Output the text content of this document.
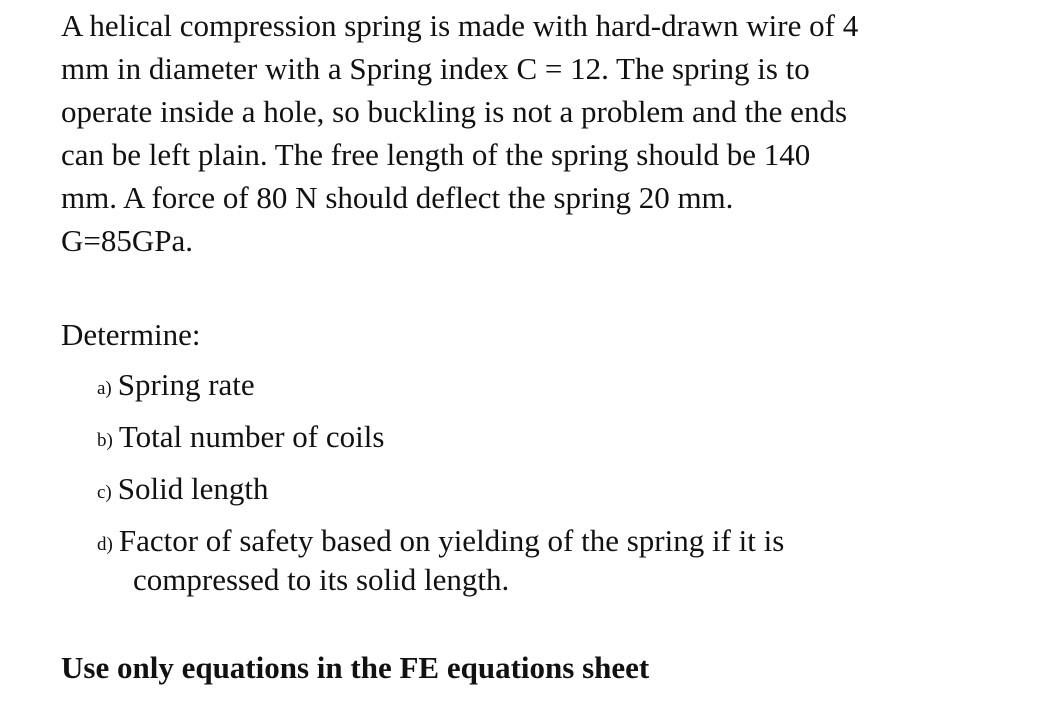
A helical compression spring is made with hard-drawn wire of 4
mm in diameter with a Spring index C = 12. The spring is to
operate inside a hole, so buckling is not a problem and the ends
can be left plain. The free length of the spring should be 140
mm. A force of 80 N should deflect the spring 20 mm.
G=85GPa.

Determine:

a) Spring rate
b) Total number of coils
c) Solid length
d) Factor of safety based on yielding of the spring if it is
compressed to its solid length.

Use only equations in the FE equations sheet
